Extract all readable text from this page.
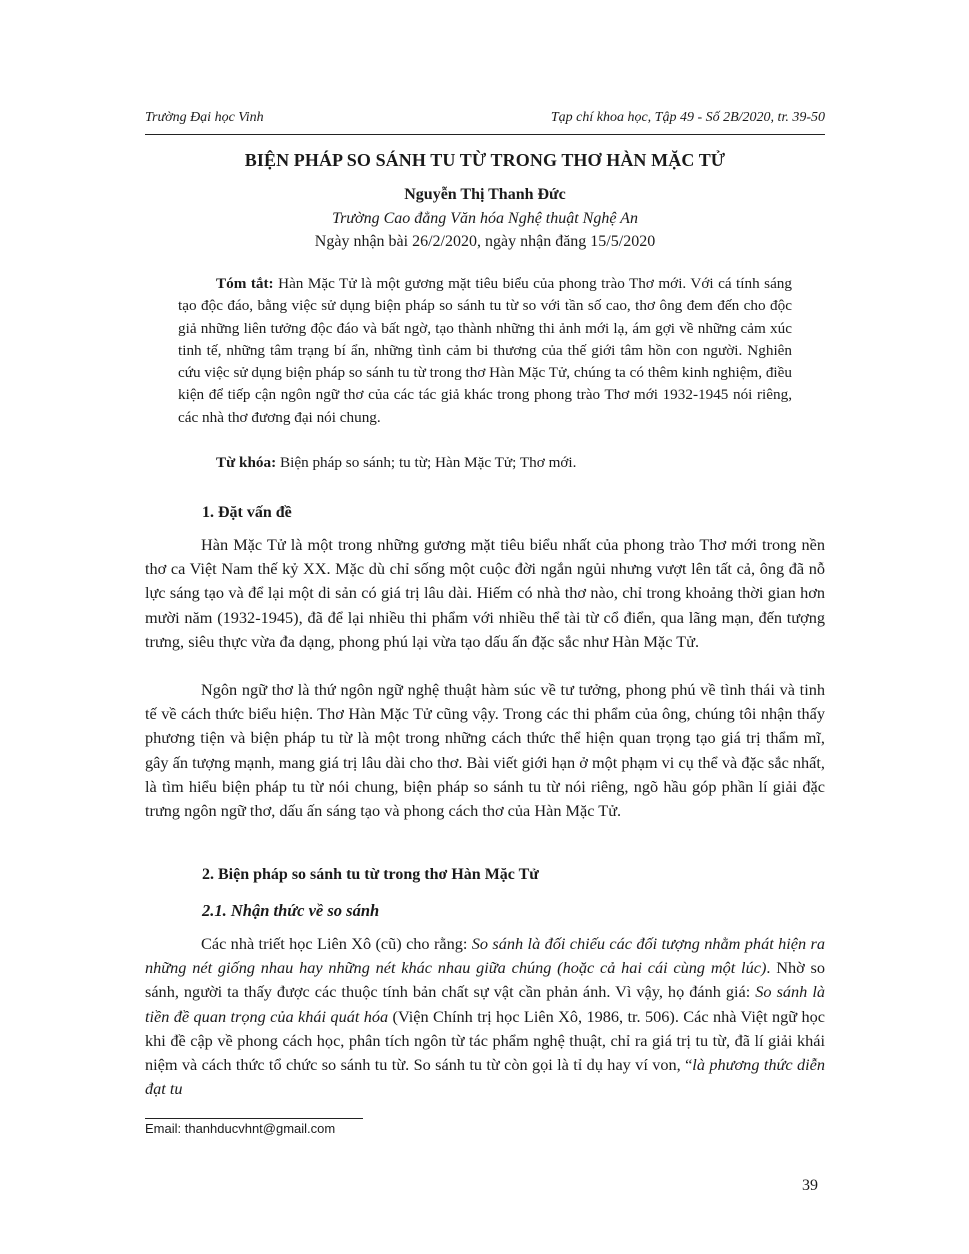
Trường Đại học Vinh	Tạp chí khoa học, Tập 49 - Số 2B/2020, tr. 39-50
BIỆN PHÁP SO SÁNH TU TỪ TRONG THƠ HÀN MẶC TỬ
Nguyễn Thị Thanh Đức
Trường Cao đẳng Văn hóa Nghệ thuật Nghệ An
Ngày nhận bài 26/2/2020, ngày nhận đăng 15/5/2020

Tóm tắt: Hàn Mặc Tử là một gương mặt tiêu biểu của phong trào Thơ mới. Với cá tính sáng tạo độc đáo, bằng việc sử dụng biện pháp so sánh tu từ so với tần số cao, thơ ông đem đến cho độc giả những liên tưởng độc đáo và bất ngờ, tạo thành những thi ảnh mới lạ, ám gợi về những cảm xúc tinh tế, những tâm trạng bí ẩn, những tình cảm bi thương của thế giới tâm hồn con người. Nghiên cứu việc sử dụng biện pháp so sánh tu từ trong thơ Hàn Mặc Tử, chúng ta có thêm kinh nghiệm, điều kiện để tiếp cận ngôn ngữ thơ của các tác giả khác trong phong trào Thơ mới 1932-1945 nói riêng, các nhà thơ đương đại nói chung.

Từ khóa: Biện pháp so sánh; tu từ; Hàn Mặc Tử; Thơ mới.

1. Đặt vấn đề

Hàn Mặc Tử là một trong những gương mặt tiêu biểu nhất của phong trào Thơ mới trong nền thơ ca Việt Nam thế kỷ XX. Mặc dù chỉ sống một cuộc đời ngắn ngủi nhưng vượt lên tất cả, ông đã nỗ lực sáng tạo và để lại một di sản có giá trị lâu dài. Hiếm có nhà thơ nào, chỉ trong khoảng thời gian hơn mười năm (1932-1945), đã để lại nhiều thi phẩm với nhiều thể tài từ cổ điển, qua lãng mạn, đến tượng trưng, siêu thực vừa đa dạng, phong phú lại vừa tạo dấu ấn đặc sắc như Hàn Mặc Tử.

Ngôn ngữ thơ là thứ ngôn ngữ nghệ thuật hàm súc về tư tưởng, phong phú về tình thái và tinh tế về cách thức biểu hiện. Thơ Hàn Mặc Tử cũng vậy. Trong các thi phẩm của ông, chúng tôi nhận thấy phương tiện và biện pháp tu từ là một trong những cách thức thể hiện quan trọng tạo giá trị thẩm mĩ, gây ấn tượng mạnh, mang giá trị lâu dài cho thơ. Bài viết giới hạn ở một phạm vi cụ thể và đặc sắc nhất, là tìm hiểu biện pháp tu từ nói chung, biện pháp so sánh tu từ nói riêng, ngõ hầu góp phần lí giải đặc trưng ngôn ngữ thơ, dấu ấn sáng tạo và phong cách thơ của Hàn Mặc Tử.

2. Biện pháp so sánh tu từ trong thơ Hàn Mặc Tử
2.1. Nhận thức về so sánh

Các nhà triết học Liên Xô (cũ) cho rằng: So sánh là đối chiếu các đối tượng nhằm phát hiện ra những nét giống nhau hay những nét khác nhau giữa chúng (hoặc cả hai cái cùng một lúc). Nhờ so sánh, người ta thấy được các thuộc tính bản chất sự vật cần phản ánh. Vì vậy, họ đánh giá: So sánh là tiền đề quan trọng của khái quát hóa (Viện Chính trị học Liên Xô, 1986, tr. 506). Các nhà Việt ngữ học khi đề cập về phong cách học, phân tích ngôn từ tác phẩm nghệ thuật, chỉ ra giá trị tu từ, đã lí giải khái niệm và cách thức tổ chức so sánh tu từ. So sánh tu từ còn gọi là tỉ dụ hay ví von, “là phương thức diễn đạt tu

Email: thanhducvhnt@gmail.com
39
